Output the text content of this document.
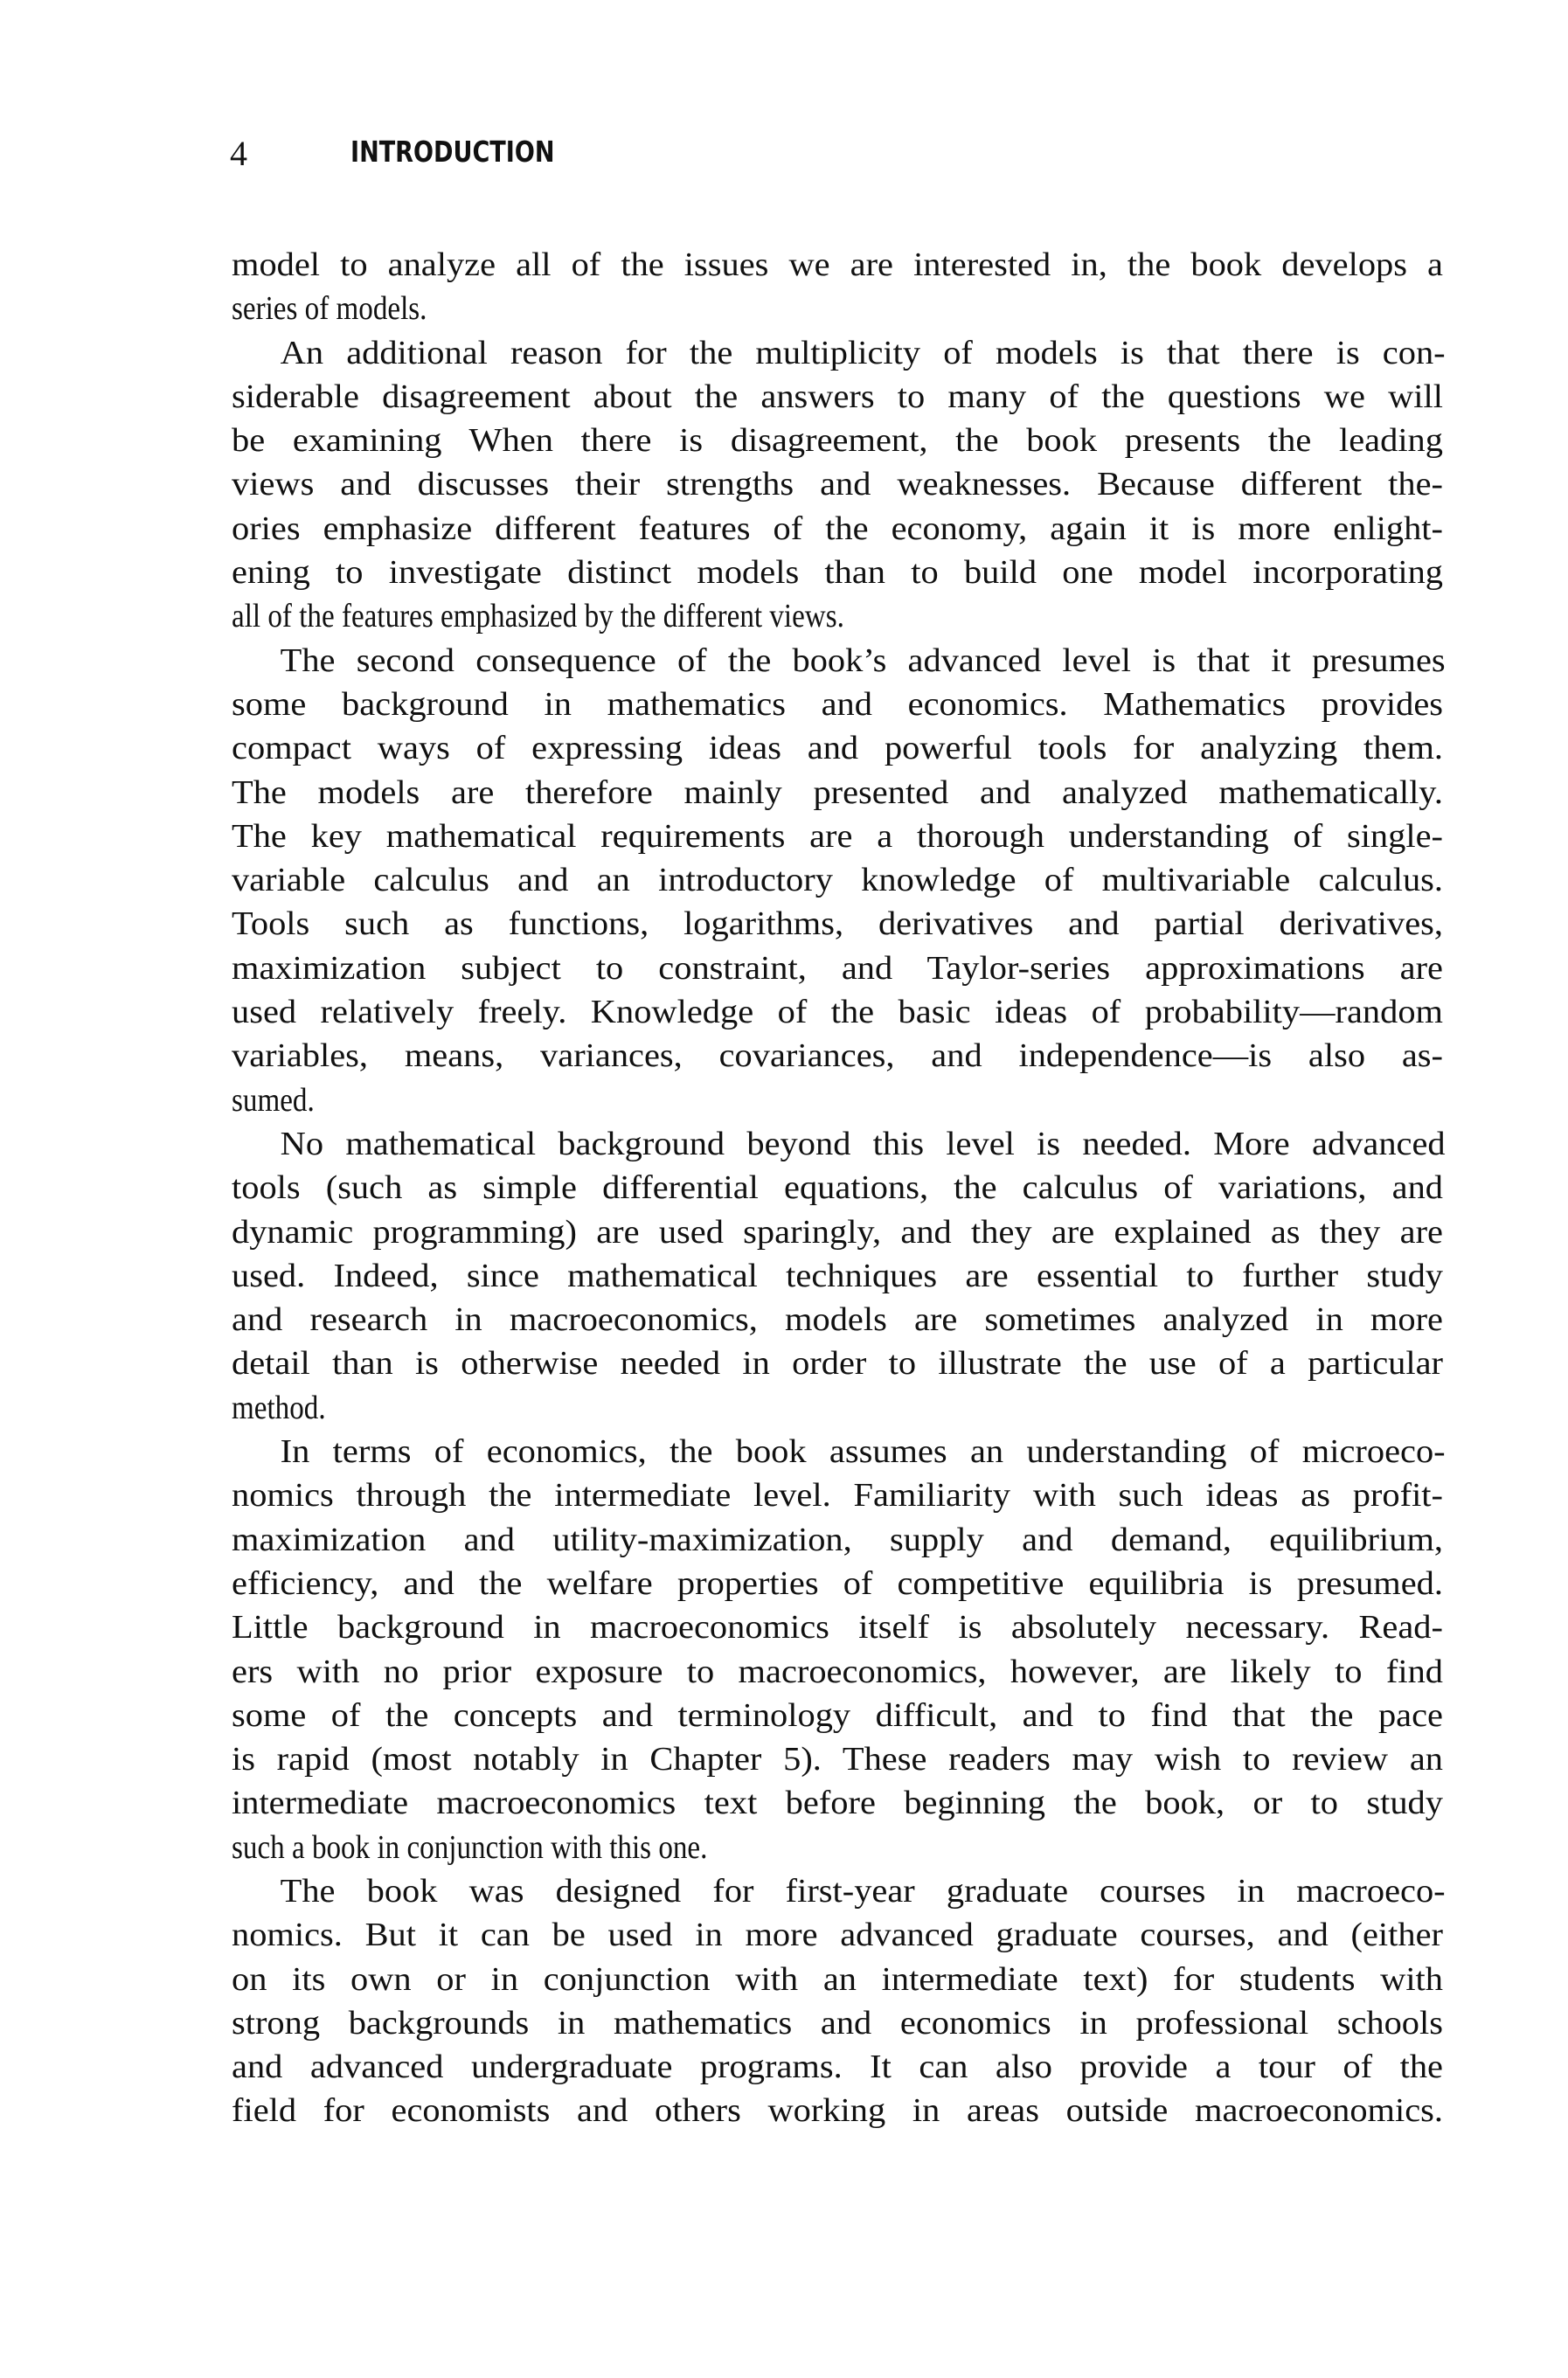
4	INTRODUCTION
model to analyze all of the issues we are interested in, the book develops a
series of models.
An additional reason for the multiplicity of models is that there is con-
siderable disagreement about the answers to many of the questions we will
be examining When there is disagreement, the book presents the leading
views and discusses their strengths and weaknesses. Because different the-
ories emphasize different features of the economy, again it is more enlight-
ening to investigate distinct models than to build one model incorporating
all of the features emphasized by the different views.
The second consequence of the book’s advanced level is that it presumes
some background in mathematics and economics. Mathematics provides
compact ways of expressing ideas and powerful tools for analyzing them.
The models are therefore mainly presented and analyzed mathematically.
The key mathematical requirements are a thorough understanding of single-
variable calculus and an introductory knowledge of multivariable calculus.
Tools such as functions, logarithms, derivatives and partial derivatives,
maximization subject to constraint, and Taylor-series approximations are
used relatively freely. Knowledge of the basic ideas of probability—random
variables, means, variances, covariances, and independence—is also as-
sumed.
No mathematical background beyond this level is needed. More advanced
tools (such as simple differential equations, the calculus of variations, and
dynamic programming) are used sparingly, and they are explained as they are
used. Indeed, since mathematical techniques are essential to further study
and research in macroeconomics, models are sometimes analyzed in more
detail than is otherwise needed in order to illustrate the use of a particular
method.
In terms of economics, the book assumes an understanding of microeco-
nomics through the intermediate level. Familiarity with such ideas as profit-
maximization and utility-maximization, supply and demand, equilibrium,
efficiency, and the welfare properties of competitive equilibria is presumed.
Little background in macroeconomics itself is absolutely necessary. Read-
ers with no prior exposure to macroeconomics, however, are likely to find
some of the concepts and terminology difficult, and to find that the pace
is rapid (most notably in Chapter 5). These readers may wish to review an
intermediate macroeconomics text before beginning the book, or to study
such a book in conjunction with this one.
The book was designed for first-year graduate courses in macroeco-
nomics. But it can be used in more advanced graduate courses, and (either
on its own or in conjunction with an intermediate text) for students with
strong backgrounds in mathematics and economics in professional schools
and advanced undergraduate programs. It can also provide a tour of the
field for economists and others working in areas outside macroeconomics.
